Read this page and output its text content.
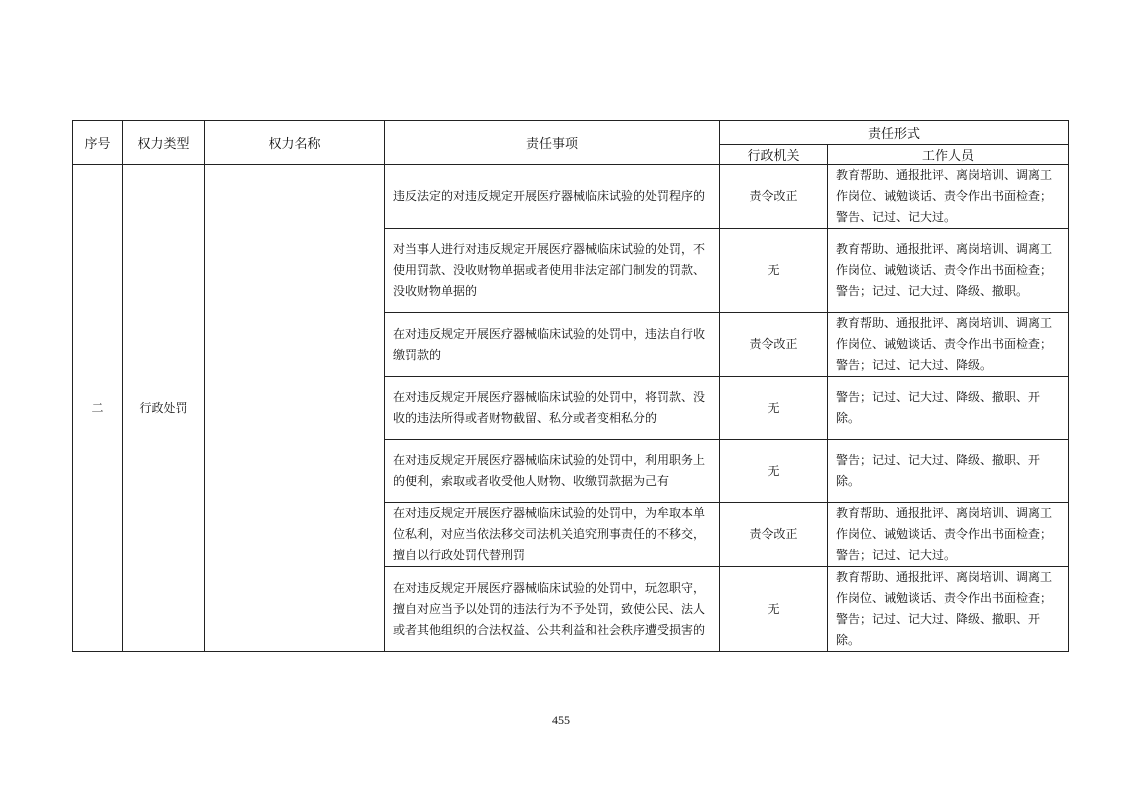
序号	权力类型	权力名称	责任事项	责任形式	
				行政机关	工作人员
二	行政处罚		违反法定的对违反规定开展医疗器械临床试验的处罚程序的	责令改正	教育帮助、通报批评、离岗培训、调离工作岗位、诫勉谈话、责令作出书面检查；警告、记过、记大过。
			对当事人进行对违反规定开展医疗器械临床试验的处罚，不使用罚款、没收财物单据或者使用非法定部门制发的罚款、没收财物单据的	无	教育帮助、通报批评、离岗培训、调离工作岗位、诫勉谈话、责令作出书面检查；警告；记过、记大过、降级、撤职。
			在对违反规定开展医疗器械临床试验的处罚中，违法自行收缴罚款的	责令改正	教育帮助、通报批评、离岗培训、调离工作岗位、诫勉谈话、责令作出书面检查；警告；记过、记大过、降级。
			在对违反规定开展医疗器械临床试验的处罚中，将罚款、没收的违法所得或者财物截留、私分或者变相私分的	无	警告；记过、记大过、降级、撤职、开除。
			在对违反规定开展医疗器械临床试验的处罚中，利用职务上的便利，索取或者收受他人财物、收缴罚款据为己有	无	警告；记过、记大过、降级、撤职、开除。
			在对违反规定开展医疗器械临床试验的处罚中，为牟取本单位私利，对应当依法移交司法机关追究刑事责任的不移交，擅自以行政处罚代替刑罚	责令改正	教育帮助、通报批评、离岗培训、调离工作岗位、诫勉谈话、责令作出书面检查；警告；记过、记大过。
			在对违反规定开展医疗器械临床试验的处罚中，玩忽职守，擅自对应当予以处罚的违法行为不予处罚，致使公民、法人或者其他组织的合法权益、公共利益和社会秩序遭受损害的	无	教育帮助、通报批评、离岗培训、调离工作岗位、诫勉谈话、责令作出书面检查；警告；记过、记大过、降级、撤职、开除。
455
